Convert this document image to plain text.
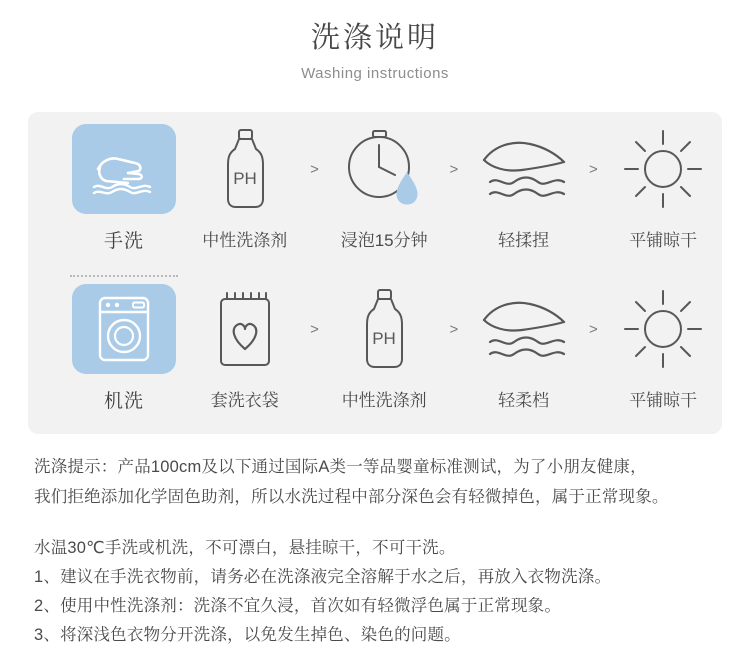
洗涤说明
Washing instructions
手洗
PH
中性洗涤剂
>
浸泡15分钟
>
轻揉捏
>
平铺晾干
机洗	套洗衣袋
>	PH
中性洗涤剂
>
轻柔档
>
平铺晾干

洗涤提示：产品100cm及以下通过国际A类一等品婴童标准测试，为了小朋友健康，

我们拒绝添加化学固色助剂，所以水洗过程中部分深色会有轻微掉色，属于正常现象。

水温30℃手洗或机洗，不可漂白，悬挂晾干，不可干洗。

1、建议在手洗衣物前，请务必在洗涤液完全溶解于水之后，再放入衣物洗涤。

2、使用中性洗涤剂：洗涤不宜久浸，首次如有轻微浮色属于正常现象。

3、将深浅色衣物分开洗涤，以免发生掉色、染色的问题。
